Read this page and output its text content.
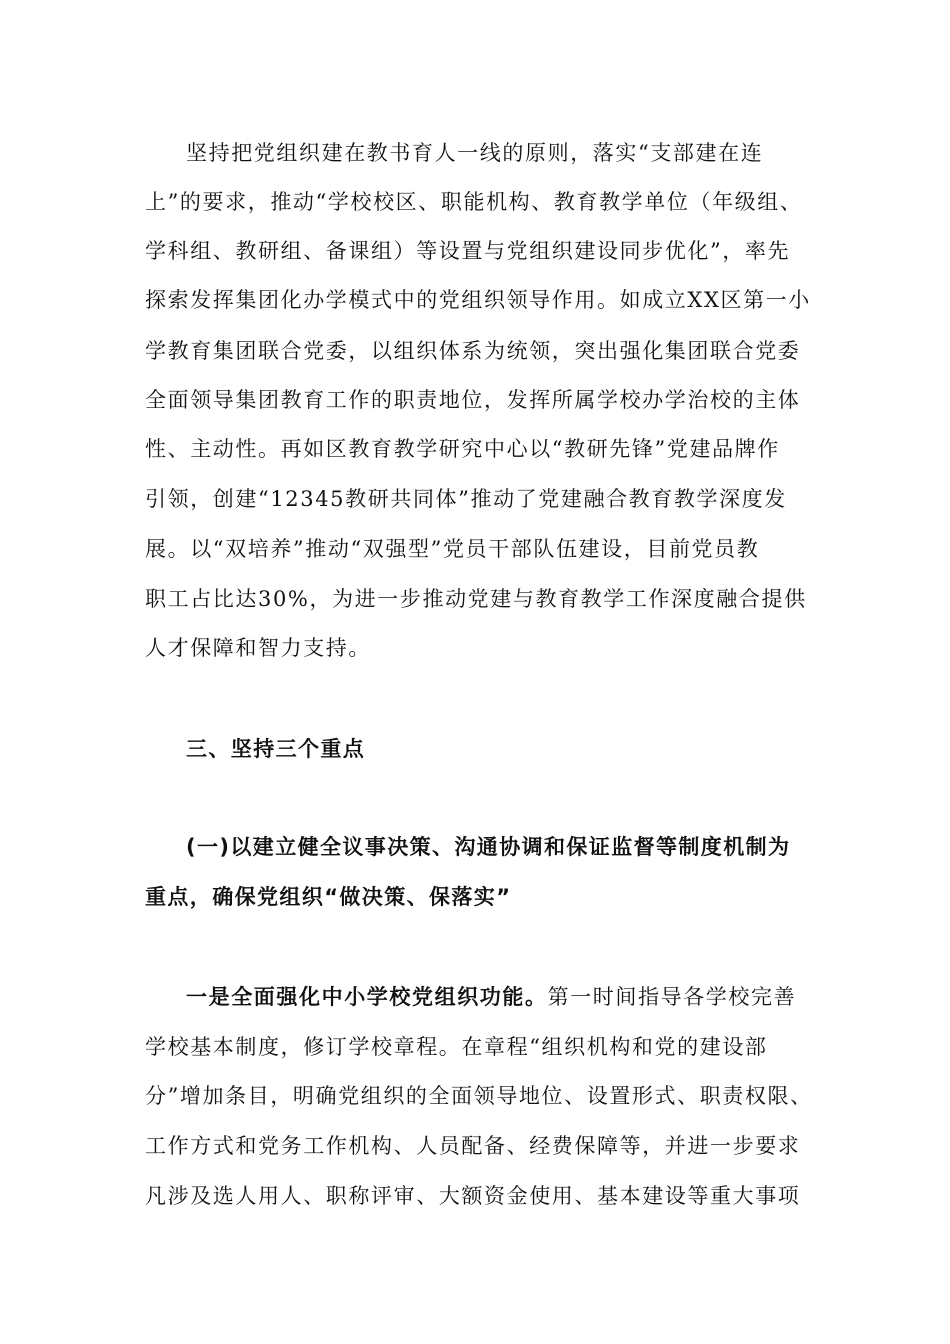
坚持把党组织建在教书育人一线的原则，落实“支部建在连
上”的要求，推动“学校校区、职能机构、教育教学单位（年级组、
学科组、教研组、备课组）等设置与党组织建设同步优化”，率先
探索发挥集团化办学模式中的党组织领导作用。如成立XX区第一小
学教育集团联合党委，以组织体系为统领，突出强化集团联合党委
全面领导集团教育工作的职责地位，发挥所属学校办学治校的主体
性、主动性。再如区教育教学研究中心以“教研先锋”党建品牌作
引领，创建“12345教研共同体”推动了党建融合教育教学深度发
展。以“双培养”推动“双强型”党员干部队伍建设，目前党员教
职工占比达30%，为进一步推动党建与教育教学工作深度融合提供
人才保障和智力支持。
三、坚持三个重点
(一)以建立健全议事决策、沟通协调和保证监督等制度机制为
重点，确保党组织“做决策、保落实”
一是全面强化中小学校党组织功能。第一时间指导各学校完善
学校基本制度，修订学校章程。在章程“组织机构和党的建设部
分”增加条目，明确党组织的全面领导地位、设置形式、职责权限、
工作方式和党务工作机构、人员配备、经费保障等，并进一步要求
凡涉及选人用人、职称评审、大额资金使用、基本建设等重大事项
